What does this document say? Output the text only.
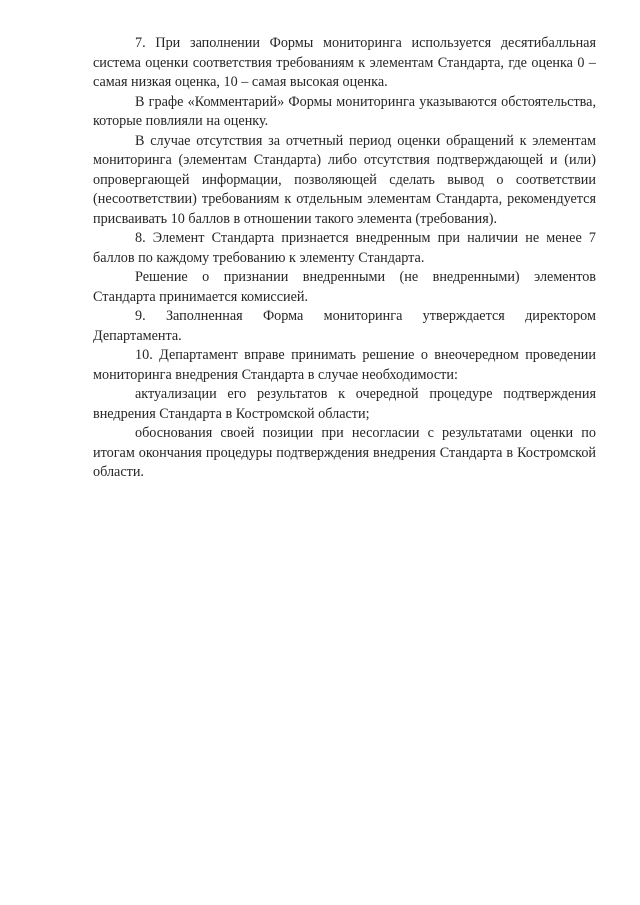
7. При заполнении Формы мониторинга используется десятибалльная система оценки соответствия требованиям к элементам Стандарта, где оценка 0 – самая низкая оценка, 10 – самая высокая оценка.

В графе «Комментарий» Формы мониторинга указываются обстоятельства, которые повлияли на оценку.

В случае отсутствия за отчетный период оценки обращений к элементам мониторинга (элементам Стандарта) либо отсутствия подтверждающей и (или) опровергающей информации, позволяющей сделать вывод о соответствии (несоответствии) требованиям к отдельным элементам Стандарта, рекомендуется присваивать 10 баллов в отношении такого элемента (требования).

8. Элемент Стандарта признается внедренным при наличии не менее 7 баллов по каждому требованию к элементу Стандарта.

Решение о признании внедренными (не внедренными) элементов Стандарта принимается комиссией.

9. Заполненная Форма мониторинга утверждается директором Департамента.

10. Департамент вправе принимать решение о внеочередном проведении мониторинга внедрения Стандарта в случае необходимости:

актуализации его результатов к очередной процедуре подтверждения внедрения Стандарта в Костромской области;

обоснования своей позиции при несогласии с результатами оценки по итогам окончания процедуры подтверждения внедрения Стандарта в Костромской области.
